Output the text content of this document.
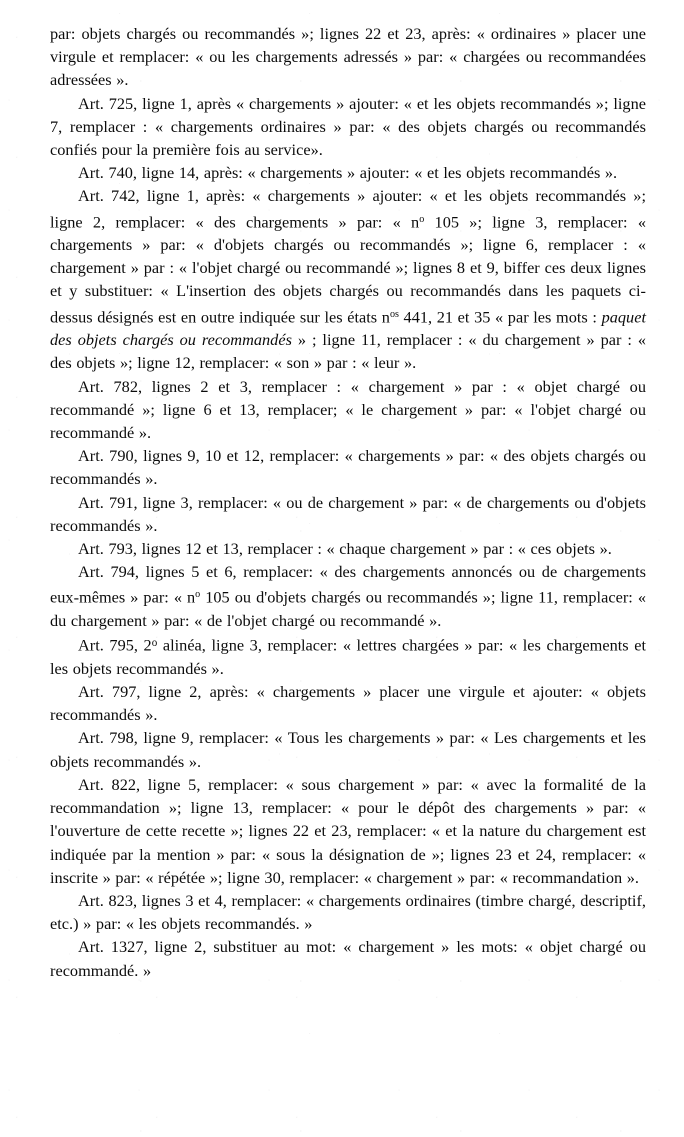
par: objets chargés ou recommandés »; lignes 22 et 23, après: « ordinaires » placer une virgule et remplacer: « ou les chargements adressés » par: « chargées ou recommandées adressées ».

Art. 725, ligne 1, après « chargements » ajouter: « et les objets recommandés »; ligne 7, remplacer : « chargements ordinaires » par: « des objets chargés ou recommandés confiés pour la première fois au service».

Art. 740, ligne 14, après: « chargements » ajouter: « et les objets recommandés ».

Art. 742, ligne 1, après: « chargements » ajouter: « et les objets recommandés »; ligne 2, remplacer: « des chargements » par: « $n^o$ 105 »; ligne 3, remplacer: « chargements » par: « d'objets chargés ou recommandés »; ligne 6, remplacer : « chargement » par : « l'objet chargé ou recommandé »; lignes 8 et 9, biffer ces deux lignes et y substituer: « L'insertion des objets chargés ou recommandés dans les paquets ci-dessus désignés est en outre indiquée sur les états $n^{os}$ 441, 21 et 35 « par les mots : paquet des objets chargés ou recommandés » ; ligne 11, remplacer : « du chargement » par : « des objets »; ligne 12, remplacer: « son » par : « leur ».

Art. 782, lignes 2 et 3, remplacer : « chargement » par : « objet chargé ou recommandé »; ligne 6 et 13, remplacer; « le chargement » par: « l'objet chargé ou recommandé ».

Art. 790, lignes 9, 10 et 12, remplacer: « chargements » par: « des objets chargés ou recommandés ».

Art. 791, ligne 3, remplacer: « ou de chargement » par: « de chargements ou d'objets recommandés ».

Art. 793, lignes 12 et 13, remplacer : « chaque chargement » par : « ces objets ».

Art. 794, lignes 5 et 6, remplacer: « des chargements annoncés ou de chargements eux-mêmes » par: « $n^o$ 105 ou d'objets chargés ou recommandés »; ligne 11, remplacer: « du chargement » par: « de l'objet chargé ou recommandé ».

Art. 795, 2$^o$ alinéa, ligne 3, remplacer: « lettres chargées » par: « les chargements et les objets recommandés ».

Art. 797, ligne 2, après: « chargements » placer une virgule et ajouter: « objets recommandés ».

Art. 798, ligne 9, remplacer: « Tous les chargements » par: « Les chargements et les objets recommandés ».

Art. 822, ligne 5, remplacer: « sous chargement » par: « avec la formalité de la recommandation »; ligne 13, remplacer: « pour le dépôt des chargements » par: « l'ouverture de cette recette »; lignes 22 et 23, remplacer: « et la nature du chargement est indiquée par la mention » par: « sous la désignation de »; lignes 23 et 24, remplacer: « inscrite » par: « répétée »; ligne 30, remplacer: « chargement » par: « recommandation ».

Art. 823, lignes 3 et 4, remplacer: « chargements ordinaires (timbre chargé, descriptif, etc.) » par: « les objets recommandés. »

Art. 1327, ligne 2, substituer au mot: « chargement » les mots: « objet chargé ou recommandé. »
